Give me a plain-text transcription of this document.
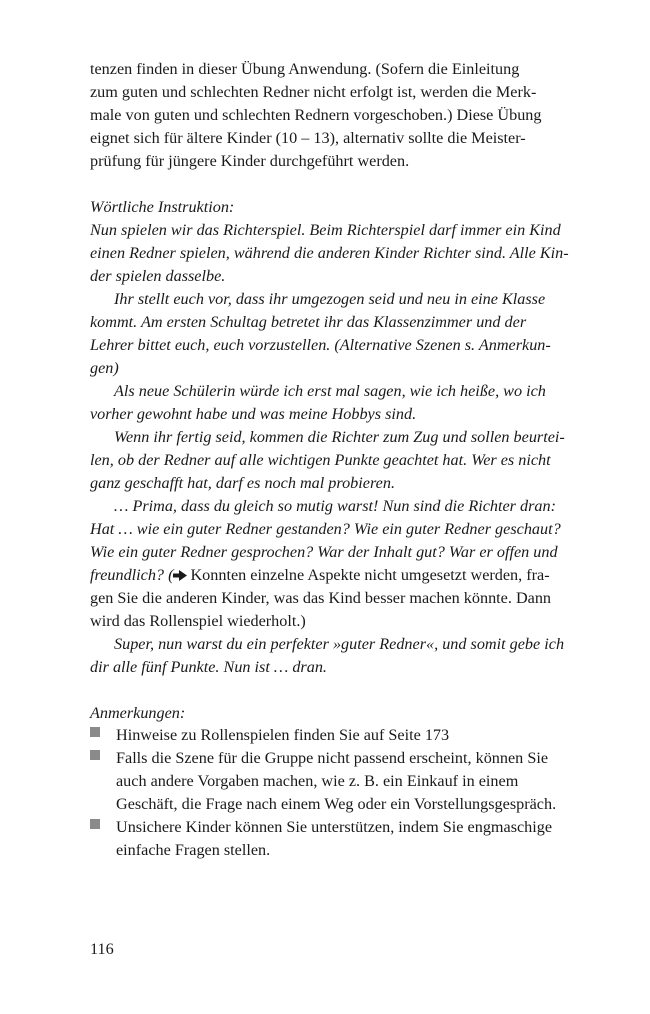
tenzen finden in dieser Übung Anwendung. (Sofern die Einleitung
zum guten und schlechten Redner nicht erfolgt ist, werden die Merk-
male von guten und schlechten Rednern vorgeschoben.) Diese Übung
eignet sich für ältere Kinder (10 – 13), alternativ sollte die Meister-
prüfung für jüngere Kinder durchgeführt werden.
Wörtliche Instruktion:
Nun spielen wir das Richterspiel. Beim Richterspiel darf immer ein Kind
einen Redner spielen, während die anderen Kinder Richter sind. Alle Kin-
der spielen dasselbe.
Ihr stellt euch vor, dass ihr umgezogen seid und neu in eine Klasse
kommt. Am ersten Schultag betretet ihr das Klassenzimmer und der
Lehrer bittet euch, euch vorzustellen. (Alternative Szenen s. Anmerkun-
gen)
Als neue Schülerin würde ich erst mal sagen, wie ich heiße, wo ich
vorher gewohnt habe und was meine Hobbys sind.
Wenn ihr fertig seid, kommen die Richter zum Zug und sollen beurtei-
len, ob der Redner auf alle wichtigen Punkte geachtet hat. Wer es nicht
ganz geschafft hat, darf es noch mal probieren.
… Prima, dass du gleich so mutig warst! Nun sind die Richter dran:
Hat … wie ein guter Redner gestanden? Wie ein guter Redner geschaut?
Wie ein guter Redner gesprochen? War der Inhalt gut? War er offen und
freundlich? ( Konnten einzelne Aspekte nicht umgesetzt werden, fra-
gen Sie die anderen Kinder, was das Kind besser machen könnte. Dann
wird das Rollenspiel wiederholt.)
Super, nun warst du ein perfekter »guter Redner«, und somit gebe ich
dir alle fünf Punkte. Nun ist … dran.
Anmerkungen:
Hinweise zu Rollenspielen finden Sie auf Seite 173
Falls die Szene für die Gruppe nicht passend erscheint, können Sie
auch andere Vorgaben machen, wie z. B. ein Einkauf in einem
Geschäft, die Frage nach einem Weg oder ein Vorstellungsgespräch.
Unsichere Kinder können Sie unterstützen, indem Sie engmaschige
einfache Fragen stellen.
116
